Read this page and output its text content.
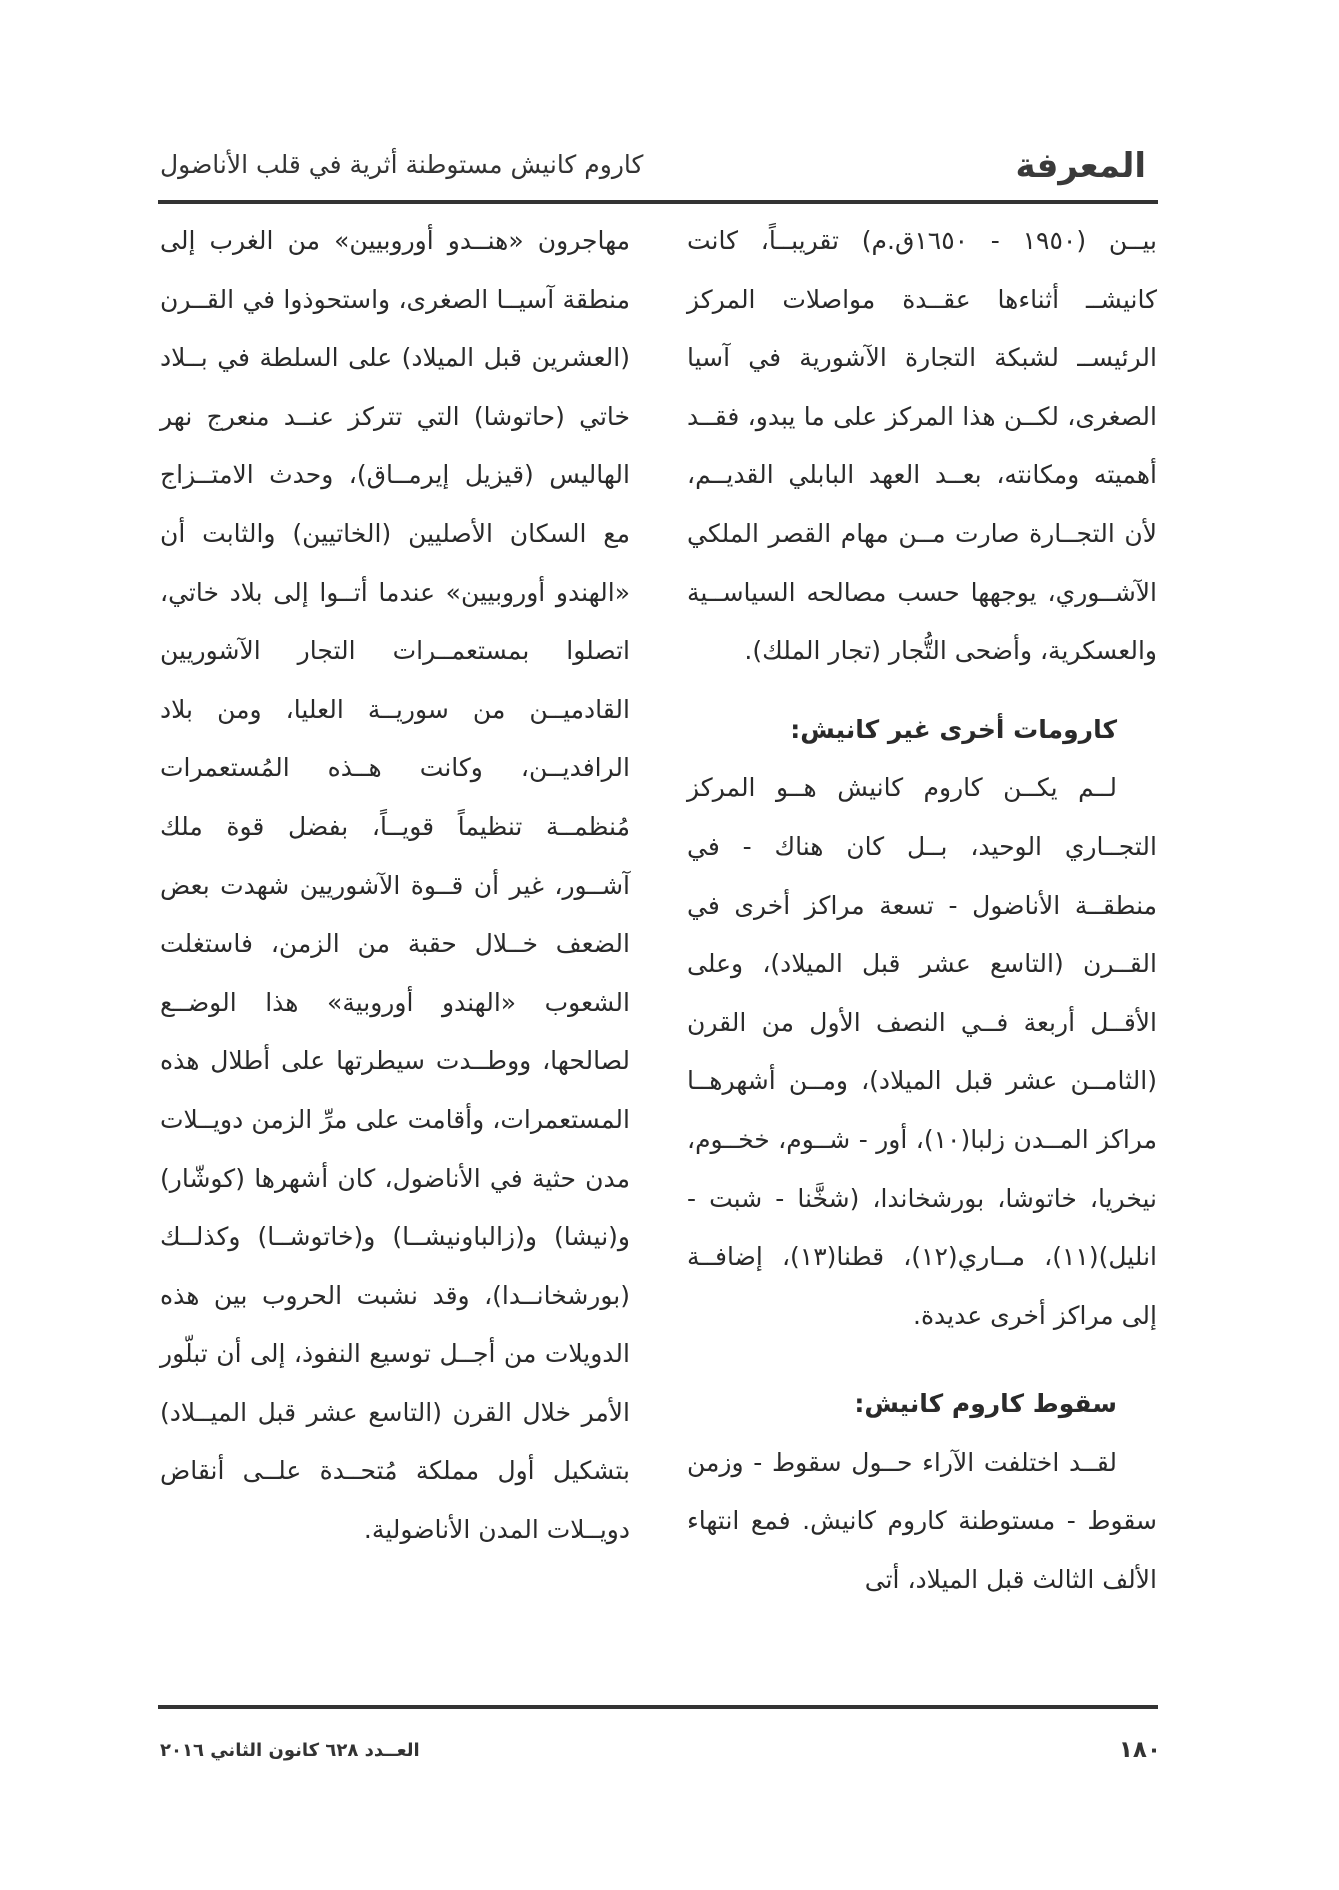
المعرفة
كاروم كانيش مستوطنة أثرية في قلب الأناضول

بيــن (١٩٥٠ - ١٦٥٠ق.م) تقريبــاً، كانت كانيشــ أثناءها عقــدة مواصلات المركز الرئيســ لشبكة التجارة الآشورية في آسيا الصغرى، لكــن هذا المركز على ما يبدو، فقــد أهميته ومكانته، بعــد العهد البابلي القديــم، لأن التجــارة صارت مــن مهام القصر الملكي الآشــوري، يوجهها حسب مصالحه السياســية والعسكرية، وأضحى التُّجار (تجار الملك).

كارومات أخرى غير كانيش:

لــم يكــن كاروم كانيش هــو المركز التجــاري الوحيد، بــل كان هناك - في منطقــة الأناضول - تسعة مراكز أخرى في القــرن (التاسع عشر قبل الميلاد)، وعلى الأقــل أربعة فــي النصف الأول من القرن (الثامــن عشر قبل الميلاد)، ومــن أشهرهــا مراكز المــدن زلبا(١٠)، أور - شــوم، خخــوم، نيخريا، خاتوشا، بورشخاندا، (شخَّنا - شبت - انليل)(١١)، مــاري(١٢)، قطنا(١٣)، إضافــة إلى مراكز أخرى عديدة.

سقوط كاروم كانيش:

لقــد اختلفت الآراء حــول سقوط - وزمن سقوط - مستوطنة كاروم كانيش. فمع انتهاء الألف الثالث قبل الميلاد، أتى

مهاجرون «هنــدو أوروبيين» من الغرب إلى منطقة آسيــا الصغرى، واستحوذوا في القــرن (العشرين قبل الميلاد) على السلطة في بــلاد خاتي (حاتوشا) التي تتركز عنــد منعرج نهر الهاليس (قيزيل إيرمــاق)، وحدث الامتــزاج مع السكان الأصليين (الخاتيين) والثابت أن «الهندو أوروبيين» عندما أتــوا إلى بلاد خاتي، اتصلوا بمستعمــرات التجار الآشوريين القادميــن من سوريــة العليا، ومن بلاد الرافديــن، وكانت هــذه المُستعمرات مُنظمــة تنظيماً قويــاً، بفضل قوة ملك آشــور، غير أن قــوة الآشوريين شهدت بعض الضعف خــلال حقبة من الزمن، فاستغلت الشعوب «الهندو أوروبية» هذا الوضــع لصالحها، ووطــدت سيطرتها على أطلال هذه المستعمرات، وأقامت على مرِّ الزمن دويــلات مدن حثية في الأناضول، كان أشهرها (كوشّار) و(نيشا) و(زالباونيشــا) و(خاتوشــا) وكذلــك (بورشخانــدا)، وقد نشبت الحروب بين هذه الدويلات من أجــل توسيع النفوذ، إلى أن تبلّور الأمر خلال القرن (التاسع عشر قبل الميــلاد) بتشكيل أول مملكة مُتحــدة علــى أنقاض دويــلات المدن الأناضولية.

١٨٠
العــدد ٦٢٨ كانون الثاني ٢٠١٦
